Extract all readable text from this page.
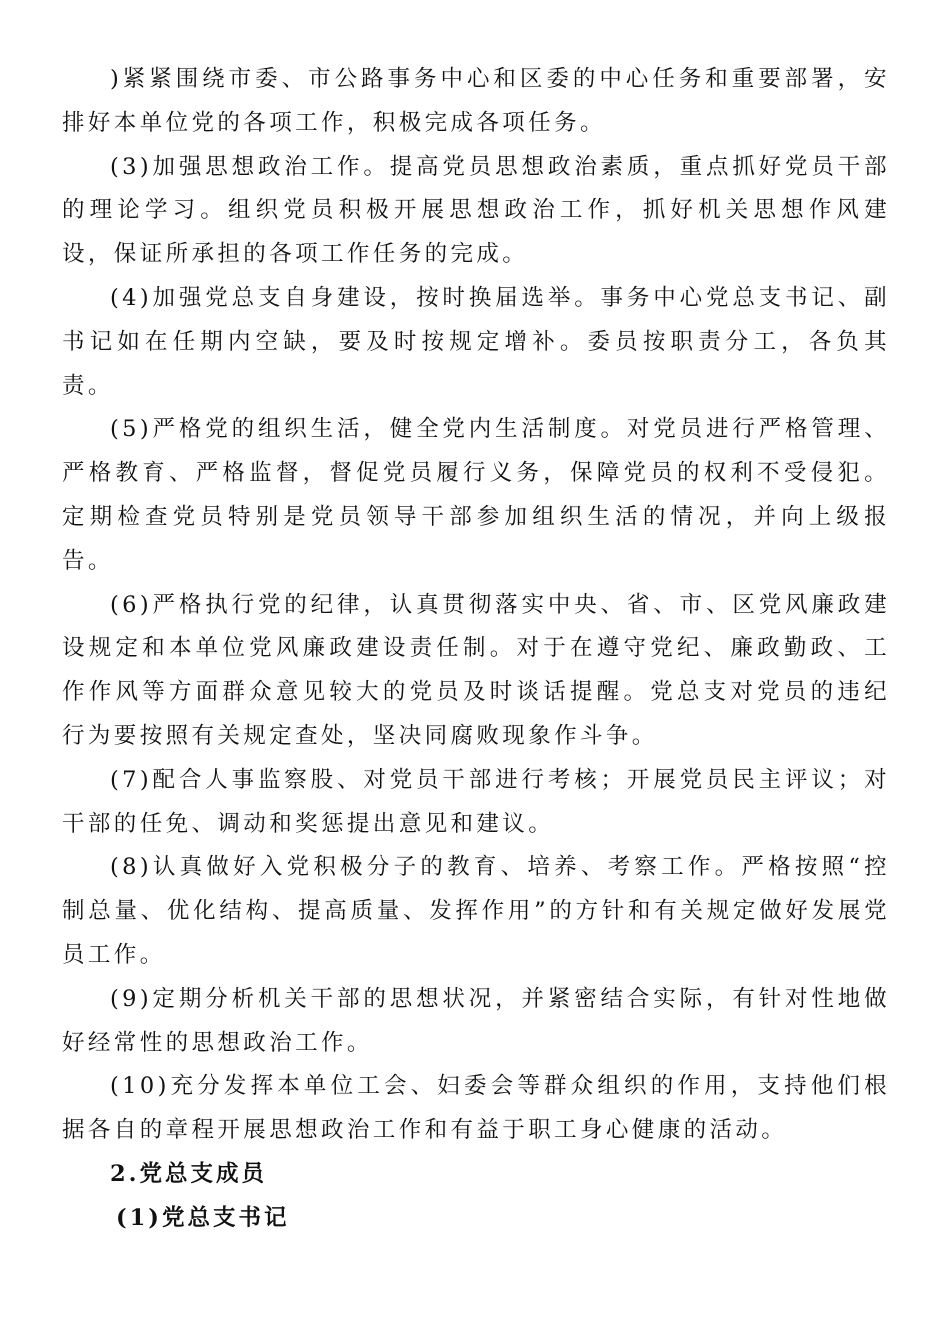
)紧紧围绕市委、市公路事务中心和区委的中心任务和重要部署，安排好本单位党的各项工作，积极完成各项任务。

(3)加强思想政治工作。提高党员思想政治素质，重点抓好党员干部的理论学习。组织党员积极开展思想政治工作，抓好机关思想作风建设，保证所承担的各项工作任务的完成。

(4)加强党总支自身建设，按时换届选举。事务中心党总支书记、副书记如在任期内空缺，要及时按规定增补。委员按职责分工，各负其责。

(5)严格党的组织生活，健全党内生活制度。对党员进行严格管理、严格教育、严格监督，督促党员履行义务，保障党员的权利不受侵犯。定期检查党员特别是党员领导干部参加组织生活的情况，并向上级报告。

(6)严格执行党的纪律，认真贯彻落实中央、省、市、区党风廉政建设规定和本单位党风廉政建设责任制。对于在遵守党纪、廉政勤政、工作作风等方面群众意见较大的党员及时谈话提醒。党总支对党员的违纪行为要按照有关规定查处，坚决同腐败现象作斗争。

(7)配合人事监察股、对党员干部进行考核；开展党员民主评议；对干部的任免、调动和奖惩提出意见和建议。

(8)认真做好入党积极分子的教育、培养、考察工作。严格按照“控制总量、优化结构、提高质量、发挥作用”的方针和有关规定做好发展党员工作。

(9)定期分析机关干部的思想状况，并紧密结合实际，有针对性地做好经常性的思想政治工作。

(10)充分发挥本单位工会、妇委会等群众组织的作用，支持他们根据各自的章程开展思想政治工作和有益于职工身心健康的活动。

2.党总支成员

(1)党总支书记
